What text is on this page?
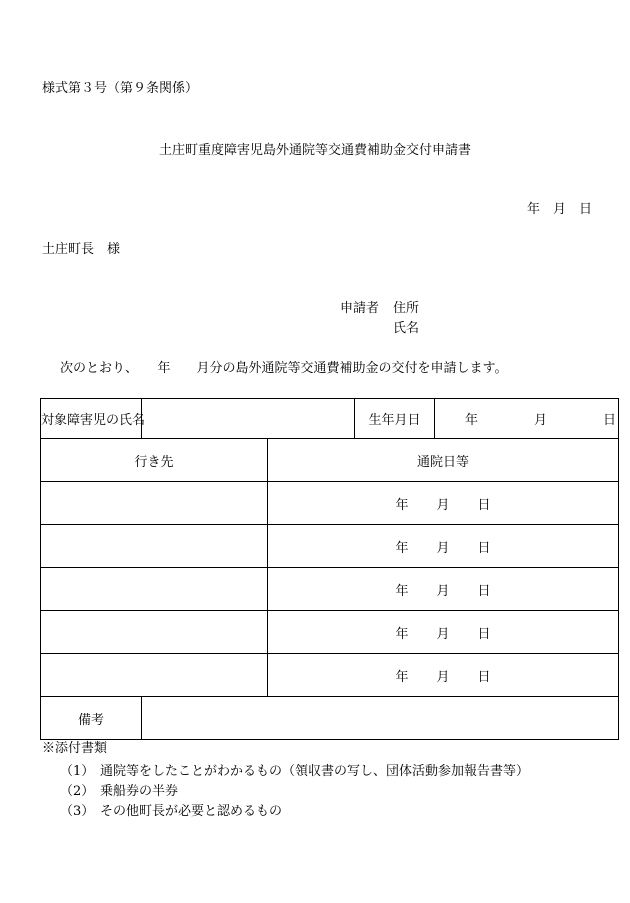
様式第３号（第９条関係）
土庄町重度障害児島外通院等交通費補助金交付申請書
年　月　日
土庄町長　様
申請者 住所
氏名
次のとおり、　　年　　月分の島外通院等交通費補助金の交付を申請します。
対象障害児の氏名			生年月日	年 月 日

行き先		通院日等		

		年 月 日		

		年 月 日		

		年 月 日		

		年 月 日		

		年 月 日		

備考				
※添付書類
（1） 通院等をしたことがわかるもの（領収書の写し、団体活動参加報告書等）
（2） 乗船券の半券
（3） その他町長が必要と認めるもの
